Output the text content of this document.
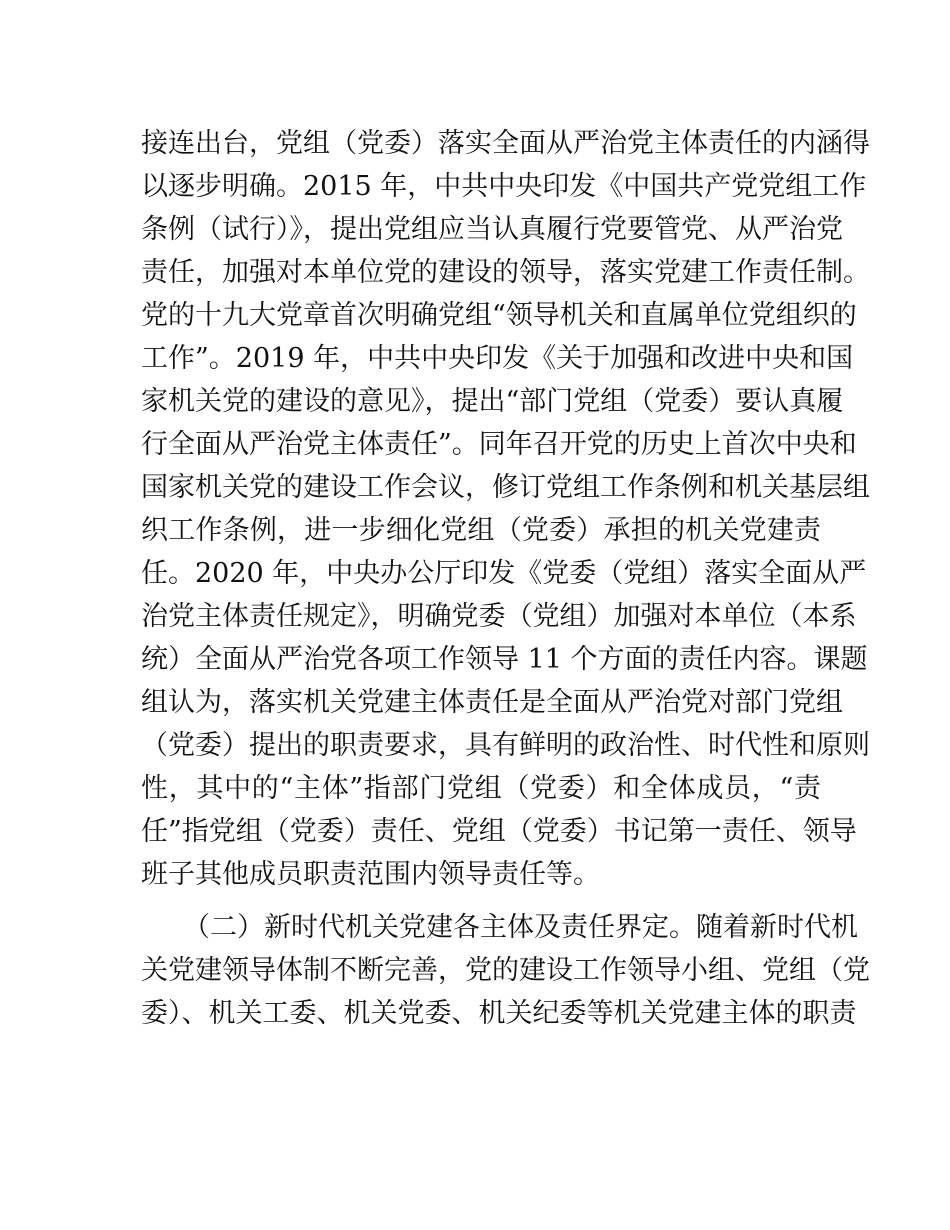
接连出台，党组（党委）落实全面从严治党主体责任的内涵得
以逐步明确。2015 年，中共中央印发《中国共产党党组工作
条例（试行）》，提出党组应当认真履行党要管党、从严治党
责任，加强对本单位党的建设的领导，落实党建工作责任制。
党的十九大党章首次明确党组“领导机关和直属单位党组织的
工作”。2019 年，中共中央印发《关于加强和改进中央和国
家机关党的建设的意见》，提出“部门党组（党委）要认真履
行全面从严治党主体责任”。同年召开党的历史上首次中央和
国家机关党的建设工作会议，修订党组工作条例和机关基层组
织工作条例，进一步细化党组（党委）承担的机关党建责
任。2020 年，中央办公厅印发《党委（党组）落实全面从严
治党主体责任规定》，明确党委（党组）加强对本单位（本系
统）全面从严治党各项工作领导 11 个方面的责任内容。课题
组认为，落实机关党建主体责任是全面从严治党对部门党组
（党委）提出的职责要求，具有鲜明的政治性、时代性和原则
性，其中的“主体”指部门党组（党委）和全体成员，“责
任”指党组（党委）责任、党组（党委）书记第一责任、领导
班子其他成员职责范围内领导责任等。
（二）新时代机关党建各主体及责任界定。随着新时代机
关党建领导体制不断完善，党的建设工作领导小组、党组（党
委）、机关工委、机关党委、机关纪委等机关党建主体的职责
